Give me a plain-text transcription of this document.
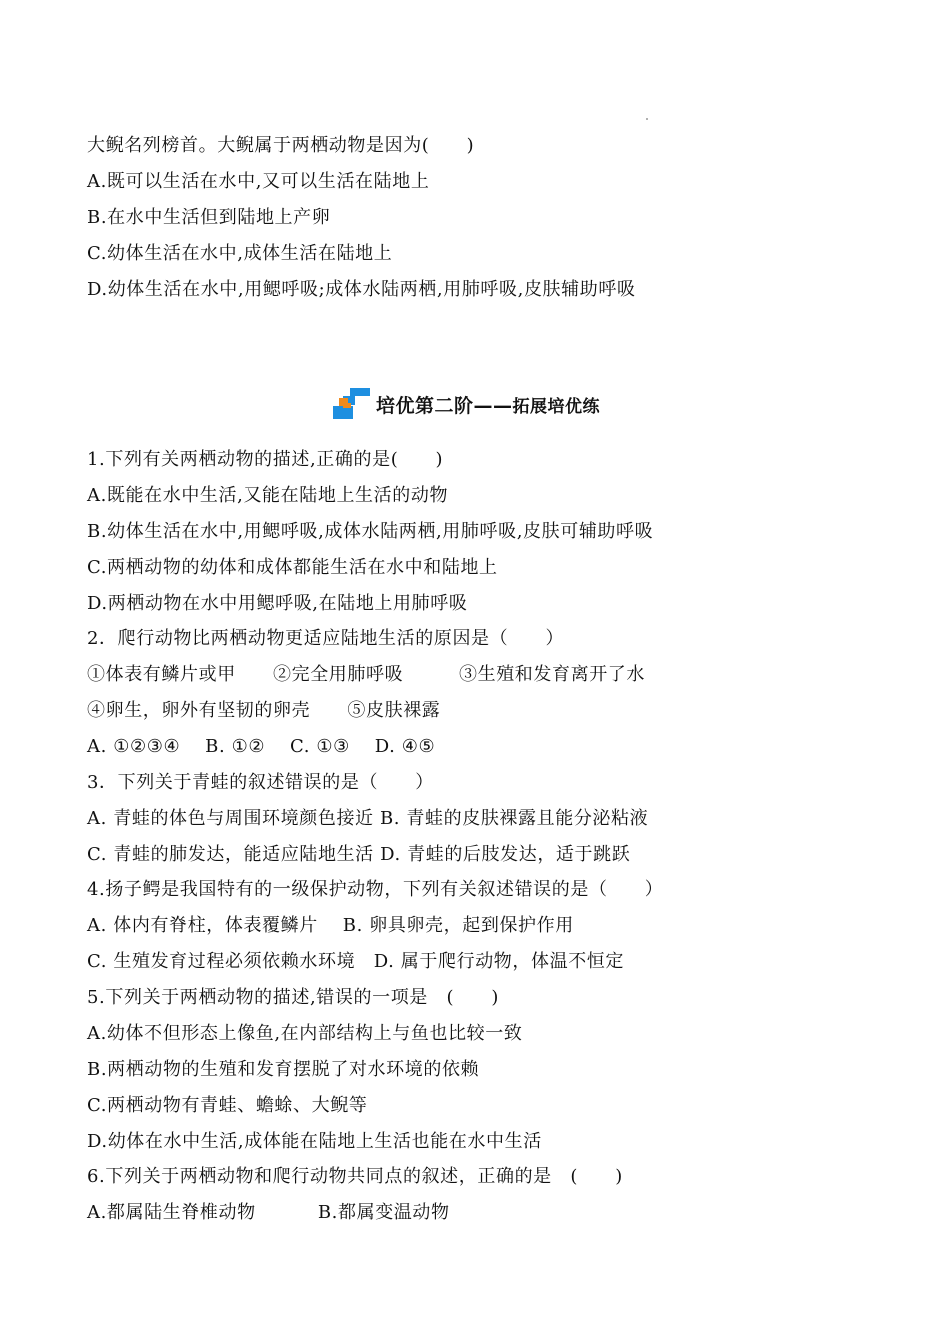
大鲵名列榜首。大鲵属于两栖动物是因为(　　)
A.既可以生活在水中,又可以生活在陆地上
B.在水中生活但到陆地上产卵
C.幼体生活在水中,成体生活在陆地上
D.幼体生活在水中,用鳃呼吸;成体水陆两栖,用肺呼吸,皮肤辅助呼吸
培优第二阶——拓展培优练
1.下列有关两栖动物的描述,正确的是(　　)
A.既能在水中生活,又能在陆地上生活的动物
B.幼体生活在水中,用鳃呼吸,成体水陆两栖,用肺呼吸,皮肤可辅助呼吸
C.两栖动物的幼体和成体都能生活在水中和陆地上
D.两栖动物在水中用鳃呼吸,在陆地上用肺呼吸
2．爬行动物比两栖动物更适应陆地生活的原因是（　　）
①体表有鳞片或甲　　②完全用肺呼吸　　　③生殖和发育离开了水
④卵生，卵外有坚韧的卵壳　　⑤皮肤裸露
A. ①②③④　 B. ①②　 C. ①③　 D. ④⑤
3．下列关于青蛙的叙述错误的是（　　）
A. 青蛙的体色与周围环境颜色接近 B. 青蛙的皮肤裸露且能分泌粘液
C. 青蛙的肺发达，能适应陆地生活 D. 青蛙的后肢发达，适于跳跃
4.扬子鳄是我国特有的一级保护动物，下列有关叙述错误的是（　　）
A. 体内有脊柱，体表覆鳞片　 B. 卵具卵壳，起到保护作用
C. 生殖发育过程必须依赖水环境　D. 属于爬行动物，体温不恒定
5.下列关于两栖动物的描述,错误的一项是　(　　)
A.幼体不但形态上像鱼,在内部结构上与鱼也比较一致
B.两栖动物的生殖和发育摆脱了对水环境的依赖
C.两栖动物有青蛙、蟾蜍、大鲵等
D.幼体在水中生活,成体能在陆地上生活也能在水中生活
6.下列关于两栖动物和爬行动物共同点的叙述，正确的是　(　　)
A.都属陆生脊椎动物　　　 B.都属变温动物
